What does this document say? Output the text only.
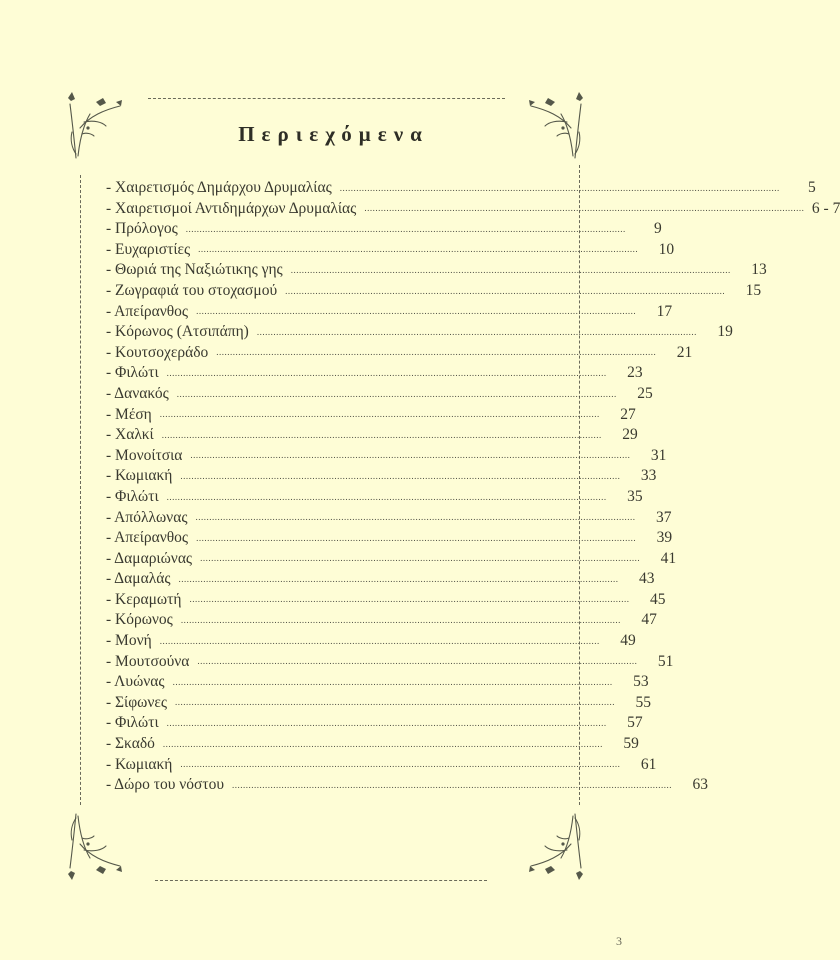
Περιεχόμενα
- Χαιρετισμός Δημάρχου Δρυμαλίας ................................................................................................................................................................	5
- Χαιρετισμοί Αντιδημάρχων Δρυμαλίας ................................................................................................................................................................ 6 - 7
- Πρόλογος ................................................................................................................................................................	9
- Ευχαριστίες ................................................................................................................................................................	10
- Θωριά της Ναξιώτικης γης ................................................................................................................................................................	13
- Ζωγραφιά του στοχασμού ................................................................................................................................................................	15
- Απείρανθος ................................................................................................................................................................	17
- Κόρωνος (Ατσιπάπη) ................................................................................................................................................................	19
- Κουτσοχεράδο ................................................................................................................................................................	21
- Φιλώτι ................................................................................................................................................................	23
- Δανακός ................................................................................................................................................................	25
- Μέση ................................................................................................................................................................	27
- Χαλκί ................................................................................................................................................................	29
- Μονοίτσια ................................................................................................................................................................	31
- Κωμιακή ................................................................................................................................................................	33
- Φιλώτι ................................................................................................................................................................	35
- Απόλλωνας ................................................................................................................................................................	37
- Απείρανθος ................................................................................................................................................................	39
- Δαμαριώνας ................................................................................................................................................................	41
- Δαμαλάς ................................................................................................................................................................	43
- Κεραμωτή ................................................................................................................................................................	45
- Κόρωνος ................................................................................................................................................................	47
- Μονή ................................................................................................................................................................	49
- Μουτσούνα ................................................................................................................................................................	51
- Λυώνας ................................................................................................................................................................	53
- Σίφωνες ................................................................................................................................................................	55
- Φιλώτι ................................................................................................................................................................	57
- Σκαδό ................................................................................................................................................................	59
- Κωμιακή ................................................................................................................................................................	61
- Δώρο του νόστου ................................................................................................................................................................	63
3
